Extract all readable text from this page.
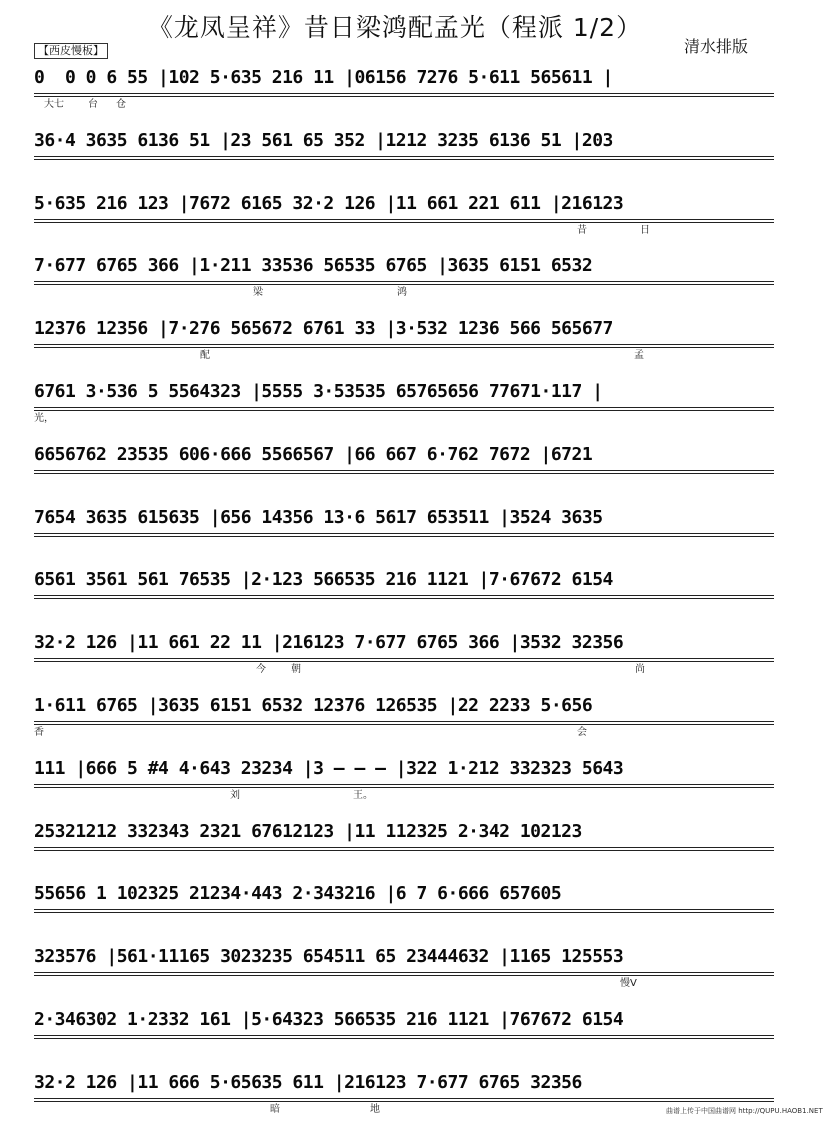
《龙凤呈祥》昔日梁鸿配孟光（程派 1/2）
清水排版
【西皮慢板】
0  0 0 6 55 |102 5·635 216 11 |06156 7276 5·611 565611 |
大七 台 仓
36·4 3635 6136 51 |23 561 65 352 |1212 3235 6136 51 |203
5·635 216 123 |7672 6165 32·2 126 |11 661 221 611 |216123
昔	日
7·677 6765 366 |1·211 33536 56535 6765 |3635 6151 6532
梁	鸿
12376 12356 |7·276 565672 6761 33 |3·532 1236 566 565677
配	孟
6761 3·536 5 5564323 |5555 3·53535 65765656 77671·117 |
光，
6656762 23535 606·666 5566567 |66 667 6·762 7672 |6721
7654 3635 615635 |656 14356 13·6 5617 653511 |3524 3635
6561 3561 561 76535 |2·123 566535 216 1121 |7·67672 6154
32·2 126 |11 661 22 11 |216123 7·677 6765 366 |3532 32356
今	朝	尚
1·611 6765 |3635 6151 6532 12376 126535 |22 2233 5·656
香	会
111 |666 5 #4 4·643 23234 |3 — — — |322 1·212 332323 5643
刘	王。
25321212 332343 2321 67612123 |11 112325 2·342 102123
55656 1 102325 21234·443 2·343216 |6 7 6·666 657605
323576 |561·11165 3023235 654511 65 23444632 |1165 125553
慢V
2·346302 1·2332 161 |5·64323 566535 216 1121 |767672 6154
32·2 126 |11 666 5·65635 611 |216123 7·677 6765 32356
暗	地	曲谱上传于中国曲谱网 http://QUPU.HAOB1.NET
